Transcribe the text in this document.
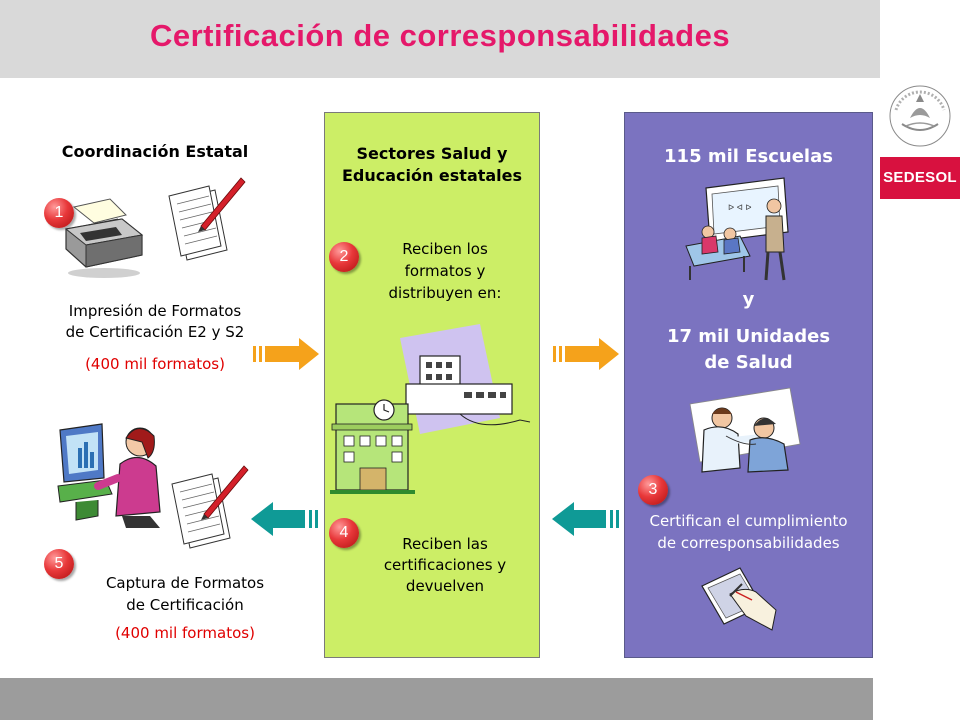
Certificación de corresponsabilidades
SEDESOL
Coordinación Estatal
1
Impresión de Formatos
de Certificación E2 y S2
(400 mil formatos)
5
Captura de Formatos
de Certificación
(400 mil formatos)
Sectores Salud y
Educación estatales
2	Reciben los
formatos y
distribuyen en:
4
Reciben las
certificaciones y
devuelven
115 mil Escuelas
ᐅ ᐊ ᐅ
y
17 mil Unidades
de Salud
3
Certifican el cumplimiento
de corresponsabilidades
